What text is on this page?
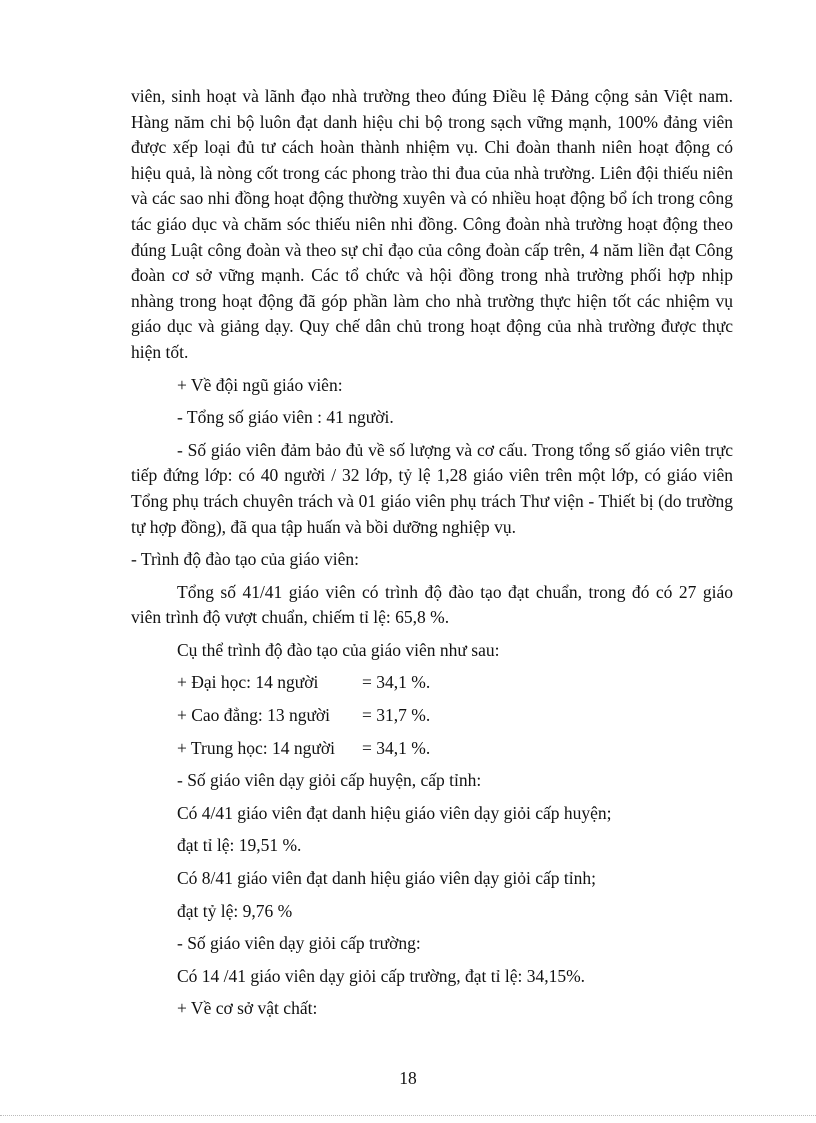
viên, sinh hoạt và lãnh đạo nhà trường theo đúng Điều lệ Đảng cộng sản Việt nam. Hàng năm chi bộ luôn đạt danh hiệu chi bộ trong sạch vững mạnh, 100% đảng viên được xếp loại đủ tư cách hoàn thành nhiệm vụ. Chi đoàn thanh niên hoạt động có hiệu quả, là nòng cốt trong các phong trào thi đua của nhà trường. Liên đội thiếu niên và các sao nhi đồng hoạt động thường xuyên và có nhiều hoạt động bổ ích trong công tác giáo dục và chăm sóc thiếu niên nhi đồng. Công đoàn nhà trường hoạt động theo đúng Luật công đoàn và theo sự chỉ đạo của công đoàn cấp trên, 4 năm liền đạt Công đoàn cơ sở vững mạnh. Các tổ chức và hội đồng trong nhà trường phối hợp nhịp nhàng trong hoạt động đã góp phần làm cho nhà trường thực hiện tốt các nhiệm vụ giáo dục và giảng dạy. Quy chế dân chủ trong hoạt động của nhà trường được thực hiện tốt.

+ Về đội ngũ giáo viên:

- Tổng số giáo viên : 41 người.

- Số giáo viên đảm bảo đủ về số lượng và cơ cấu. Trong tổng số giáo viên trực tiếp đứng lớp: có 40 người / 32 lớp, tỷ lệ 1,28 giáo viên trên một lớp, có giáo viên Tổng phụ trách chuyên trách và 01 giáo viên phụ trách Thư viện - Thiết bị (do trường tự hợp đồng), đã qua tập huấn và bồi dưỡng nghiệp vụ.

- Trình độ đào tạo của giáo viên:

Tổng số 41/41 giáo viên có trình độ đào tạo đạt chuẩn, trong đó có 27 giáo viên trình độ vượt chuẩn, chiếm tỉ lệ: 65,8 %.

Cụ thể trình độ đào tạo của giáo viên như sau:

+ Đại học: 14 người	= 34,1 %.
+ Cao đẳng: 13 người	= 31,7 %.
+ Trung học: 14 người	= 34,1 %.

- Số giáo viên dạy giỏi cấp huyện, cấp tỉnh:

Có 4/41 giáo viên đạt danh hiệu giáo viên dạy giỏi cấp huyện;

đạt tỉ lệ: 19,51 %.

Có 8/41 giáo viên đạt danh hiệu giáo viên dạy giỏi cấp tỉnh;

đạt tỷ lệ: 9,76 %

- Số giáo viên dạy giỏi cấp trường:

Có 14 /41 giáo viên dạy giỏi cấp trường, đạt tỉ lệ: 34,15%.

+ Về cơ sở vật chất:

18
